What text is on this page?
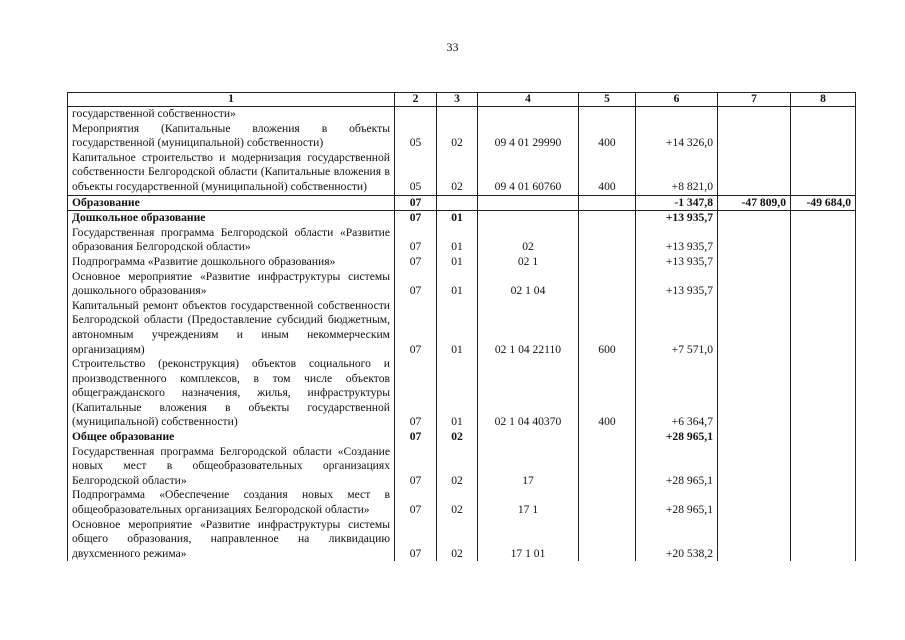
33
1	2	3	4	5	6	7	8
государственной собственности»							
Мероприятия (Капитальные вложения в объекты государственной (муниципальной) собственности)	05	02	09 4 01 29990	400	+14 326,0		
Капитальное строительство и модернизация государственной собственности Белгородской области (Капитальные вложения в объекты государственной (муниципальной) собственности)	05	02	09 4 01 60760	400	+8 821,0		
Образование	07				-1 347,8	-47 809,0	-49 684,0
Дошкольное образование	07	01			+13 935,7		
Государственная программа Белгородской области «Развитие образования Белгородской области»	07	01	02		+13 935,7		
Подпрограмма «Развитие дошкольного образования»	07	01	02 1		+13 935,7		
Основное мероприятие «Развитие инфраструктуры системы дошкольного образования»	07	01	02 1 04		+13 935,7		
Капитальный ремонт объектов государственной собственности Белгородской области (Предоставление субсидий бюджетным, автономным учреждениям и иным некоммерческим организациям)	07	01	02 1 04 22110	600	+7 571,0		
Строительство (реконструкция) объектов социального и производственного комплексов, в том числе объектов общегражданского назначения, жилья, инфраструктуры (Капитальные вложения в объекты государственной (муниципальной) собственности)	07	01	02 1 04 40370	400	+6 364,7		
Общее образование	07	02			+28 965,1		
Государственная программа Белгородской области «Создание новых мест в общеобразовательных организациях Белгородской области»	07	02	17		+28 965,1		
Подпрограмма «Обеспечение создания новых мест в общеобразовательных организациях Белгородской области»	07	02	17 1		+28 965,1		
Основное мероприятие «Развитие инфраструктуры системы общего образования, направленное на ликвидацию двухсменного режима»	07	02	17 1 01		+20 538,2		
